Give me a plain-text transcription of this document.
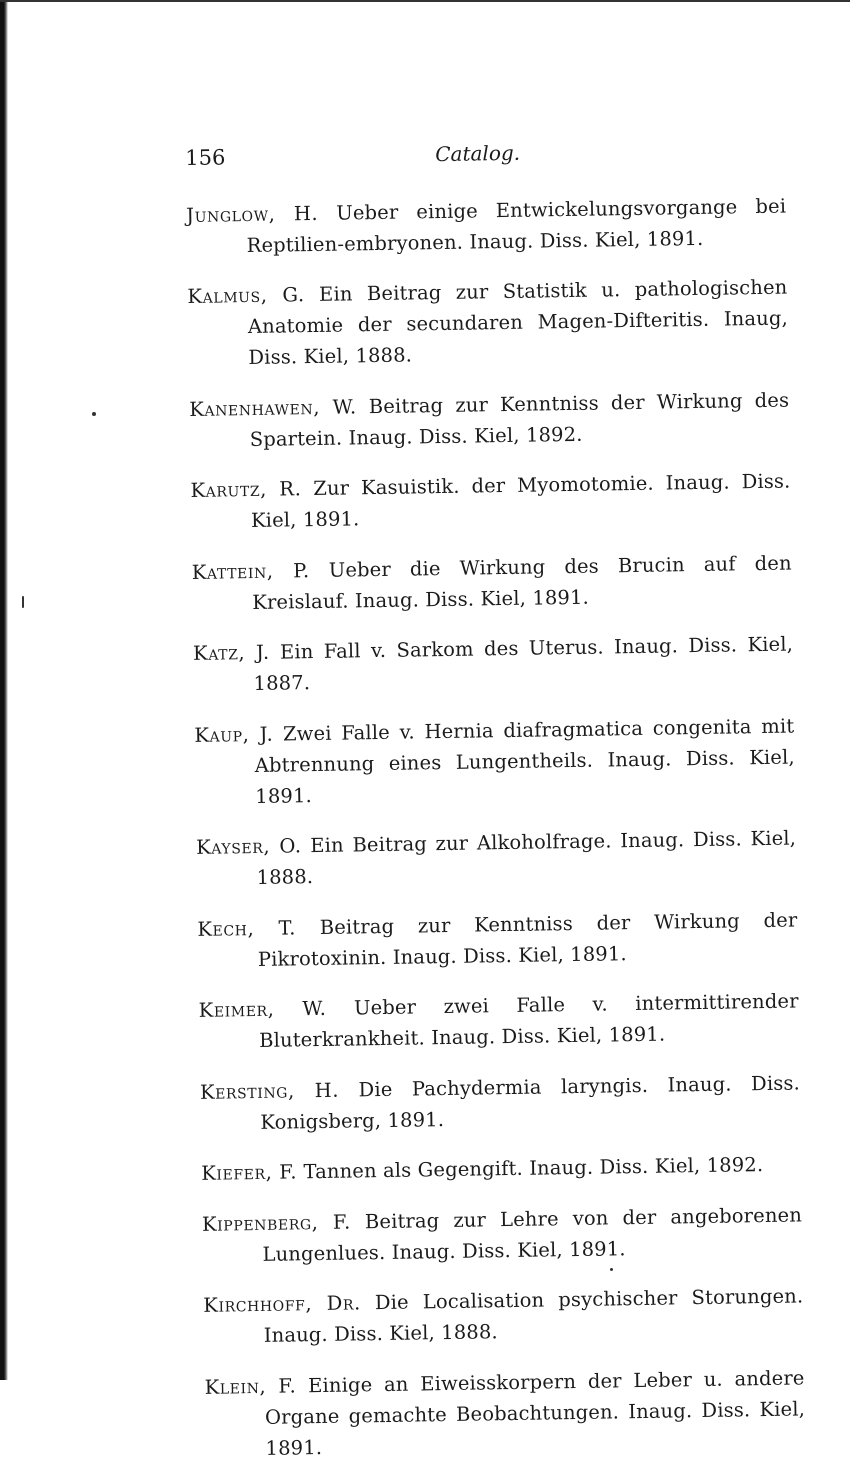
156	Catalog.

Junglow, H. Ueber einige Entwickelungsvorgange bei Reptilien-embryonen. Inaug. Diss. Kiel, 1891.

Kalmus, G. Ein Beitrag zur Statistik u. pathologischen Anatomie der secundaren Magen-Difteritis. Inaug, Diss. Kiel, 1888.

Kanenhawen, W. Beitrag zur Kenntniss der Wirkung des Spartein. Inaug. Diss. Kiel, 1892.

Karutz, R. Zur Kasuistik. der Myomotomie. Inaug. Diss. Kiel, 1891.

Kattein, P. Ueber die Wirkung des Brucin auf den Kreislauf. Inaug. Diss. Kiel, 1891.

Katz, J. Ein Fall v. Sarkom des Uterus. Inaug. Diss. Kiel, 1887.

Kaup, J. Zwei Falle v. Hernia diafragmatica congenita mit Abtrennung eines Lungentheils. Inaug. Diss. Kiel, 1891.

Kayser, O. Ein Beitrag zur Alkoholfrage. Inaug. Diss. Kiel, 1888.

Kech, T. Beitrag zur Kenntniss der Wirkung der Pikrotoxinin. Inaug. Diss. Kiel, 1891.

Keimer, W. Ueber zwei Falle v. intermittirender Bluterkrankheit. Inaug. Diss. Kiel, 1891.

Kersting, H. Die Pachydermia laryngis. Inaug. Diss. Konigsberg, 1891.

Kiefer, F. Tannen als Gegengift. Inaug. Diss. Kiel, 1892.

Kippenberg, F. Beitrag zur Lehre von der angeborenen Lungenlues. Inaug. Diss. Kiel, 1891.

Kirchhoff, Dr. Die Localisation psychischer Storungen. Inaug. Diss. Kiel, 1888.

Klein, F. Einige an Eiweisskorpern der Leber u. andere Organe gemachte Beobachtungen. Inaug. Diss. Kiel, 1891.
